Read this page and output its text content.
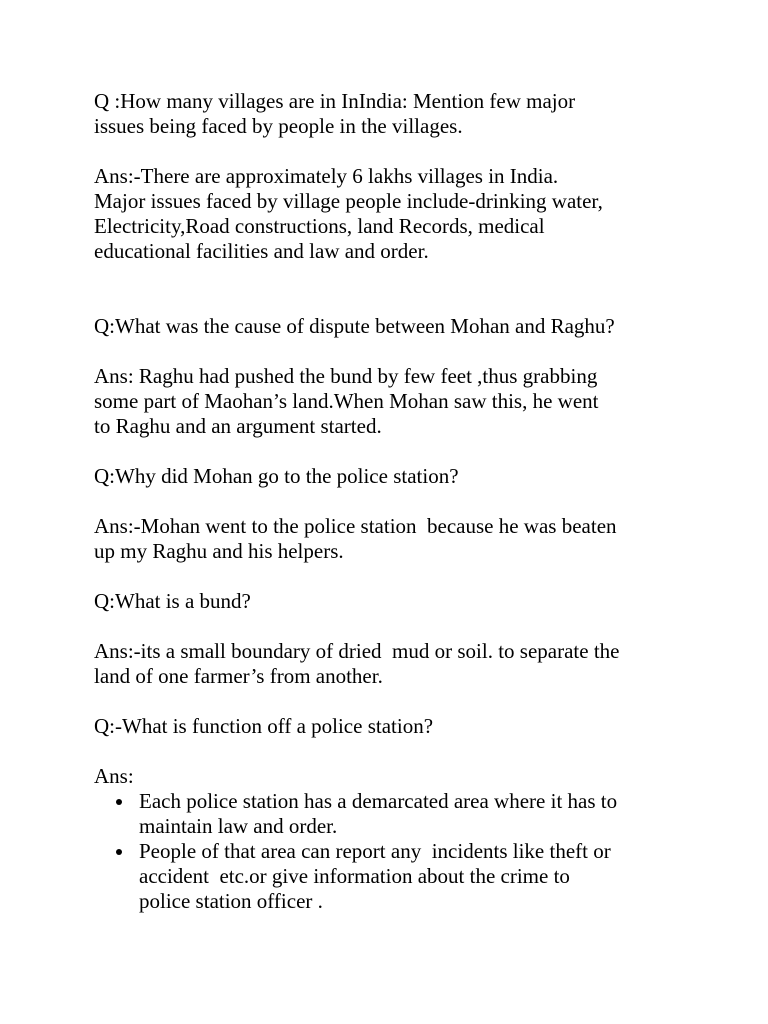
Q :How many villages are in InIndia: Mention few major
issues being faced by people in the villages.
Ans:-There are approximately 6 lakhs villages in India.
Major issues faced by village people include-drinking water,
Electricity,Road constructions, land Records, medical
educational facilities and law and order.
Q:What was the cause of dispute between Mohan and Raghu?
Ans: Raghu had pushed the bund by few feet ,thus grabbing
some part of Maohan’s land.When Mohan saw this, he went
to Raghu and an argument started.
Q:Why did Mohan go to the police station?
Ans:-Mohan went to the police station  because he was beaten
up my Raghu and his helpers.
Q:What is a bund?
Ans:-its a small boundary of dried  mud or soil. to separate the
land of one farmer’s from another.
Q:-What is function off a police station?
Ans:
Each police station has a demarcated area where it has to
maintain law and order.
People of that area can report any  incidents like theft or
accident  etc.or give information about the crime to
police station officer .
